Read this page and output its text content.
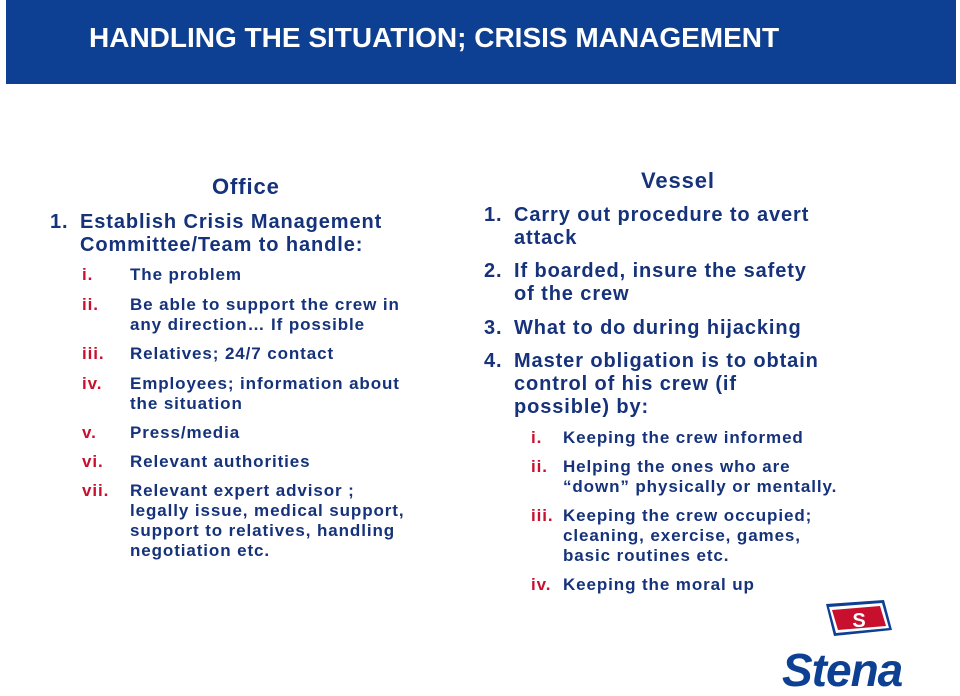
HANDLING THE SITUATION; CRISIS MANAGEMENT
Office
1. Establish Crisis Management
Committee/Team to handle:
i. The problem
ii. Be able to support the crew in
any direction… If possible
iii. Relatives; 24/7 contact
iv. Employees; information about
the situation
v. Press/media
vi. Relevant authorities
vii. Relevant expert advisor ;
legally issue, medical support,
support to relatives, handling
negotiation etc.
Vessel
1. Carry out procedure to avert
attack
2. If boarded, insure the safety
of the crew
3. What to do during hijacking
4. Master obligation is to obtain
control of his crew (if
possible) by:
i. Keeping the crew informed
ii. Helping the ones who are
“down” physically or mentally.
iii. Keeping the crew occupied;
cleaning, exercise, games,
basic routines etc.
iv. Keeping the moral up
S
Stena
